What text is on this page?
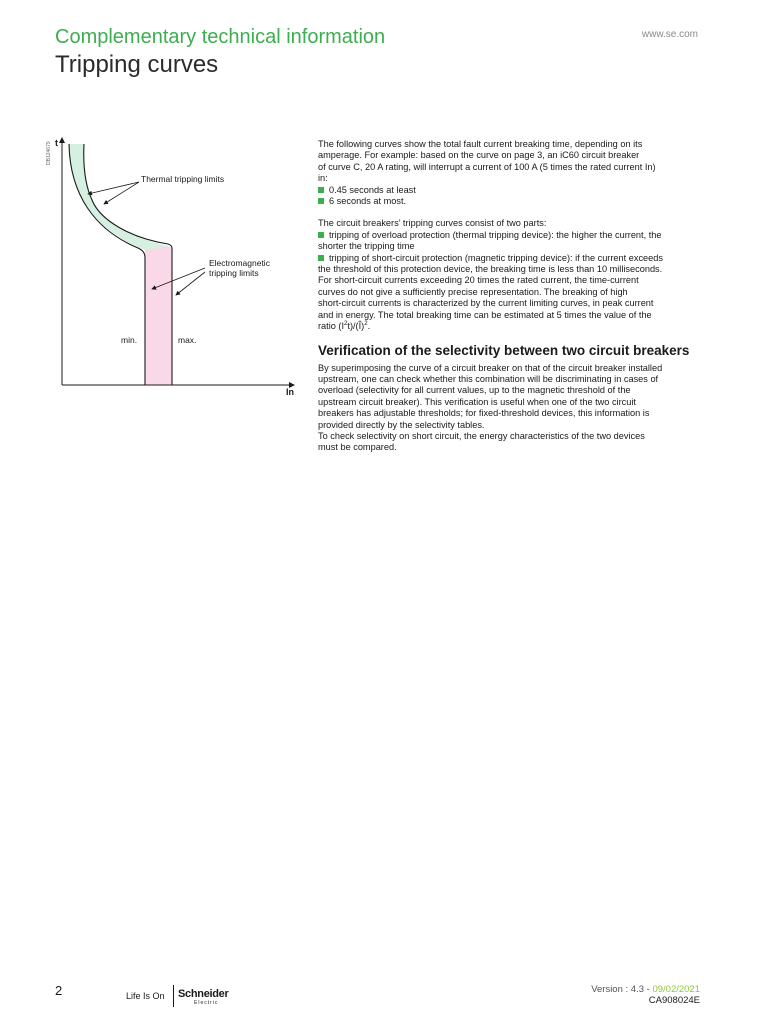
Complementary technical information
Tripping curves
www.se.com
DB124679 t
In
Thermal tripping limits
Electromagnetic
tripping limits
min.	max.

The following curves show the total fault current breaking time, depending on its
amperage. For example: based on the curve on page 3, an iC60 circuit breaker
of curve C, 20 A rating, will interrupt a current of 100 A (5 times the rated current In)
in:

0.45 seconds at least
6 seconds at most.

The circuit breakers’ tripping curves consist of two parts:
tripping of overload protection (thermal tripping device): the higher the current, the
shorter the tripping time
tripping of short-circuit protection (magnetic tripping device): if the current exceeds
the threshold of this protection device, the breaking time is less than 10 milliseconds.
For short-circuit currents exceeding 20 times the rated current, the time-current
curves do not give a sufficiently precise representation. The breaking of high
short-circuit currents is characterized by the current limiting curves, in peak current
and in energy. The total breaking time can be estimated at 5 times the value of the
ratio $(I^2t)/(Î)^2$.

Verification of the selectivity between two circuit breakers

By superimposing the curve of a circuit breaker on that of the circuit breaker installed
upstream, one can check whether this combination will be discriminating in cases of
overload (selectivity for all current values, up to the magnetic threshold of the
upstream circuit breaker). This verification is useful when one of the two circuit
breakers has adjustable thresholds; for fixed-threshold devices, this information is
provided directly by the selectivity tables.
To check selectivity on short circuit, the energy characteristics of the two devices
must be compared.

2	Life Is On Schneider
Electric
Version : 4.3 - 09/02/2021
CA908024E
